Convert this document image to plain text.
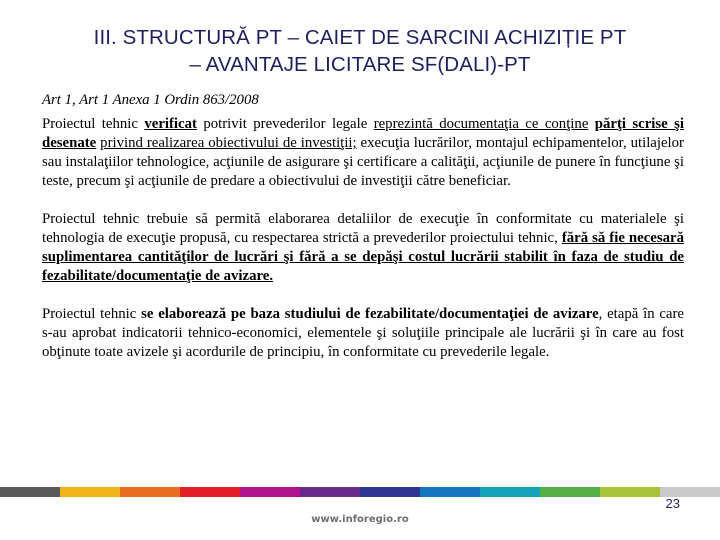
III. STRUCTURĂ PT – CAIET DE SARCINI ACHIZIȚIE PT
– AVANTAJE LICITARE SF(DALI)-PT

Art 1, Art 1 Anexa 1 Ordin 863/2008

Proiectul tehnic verificat potrivit prevederilor legale reprezintă documentaţia ce conţine părţi scrise şi desenate privind realizarea obiectivului de investiţii; execuţia lucrărilor, montajul echipamentelor, utilajelor sau instalaţiilor tehnologice, acţiunile de asigurare şi certificare a calităţii, acţiunile de punere în funcţiune şi teste, precum şi acţiunile de predare a obiectivului de investiţii către beneficiar.

Proiectul tehnic trebuie să permită elaborarea detaliilor de execuţie în conformitate cu materialele şi tehnologia de execuţie propusă, cu respectarea strictă a prevederilor proiectului tehnic, fără să fie necesară suplimentarea cantităţilor de lucrări şi fără a se depăşi costul lucrării stabilit în faza de studiu de fezabilitate/documentaţie de avizare.

Proiectul tehnic se elaborează pe baza studiului de fezabilitate/documentaţiei de avizare, etapă în care s-au aprobat indicatorii tehnico-economici, elementele şi soluţiile principale ale lucrării şi în care au fost obţinute toate avizele şi acordurile de principiu, în conformitate cu prevederile legale.

23
www.inforegio.ro
